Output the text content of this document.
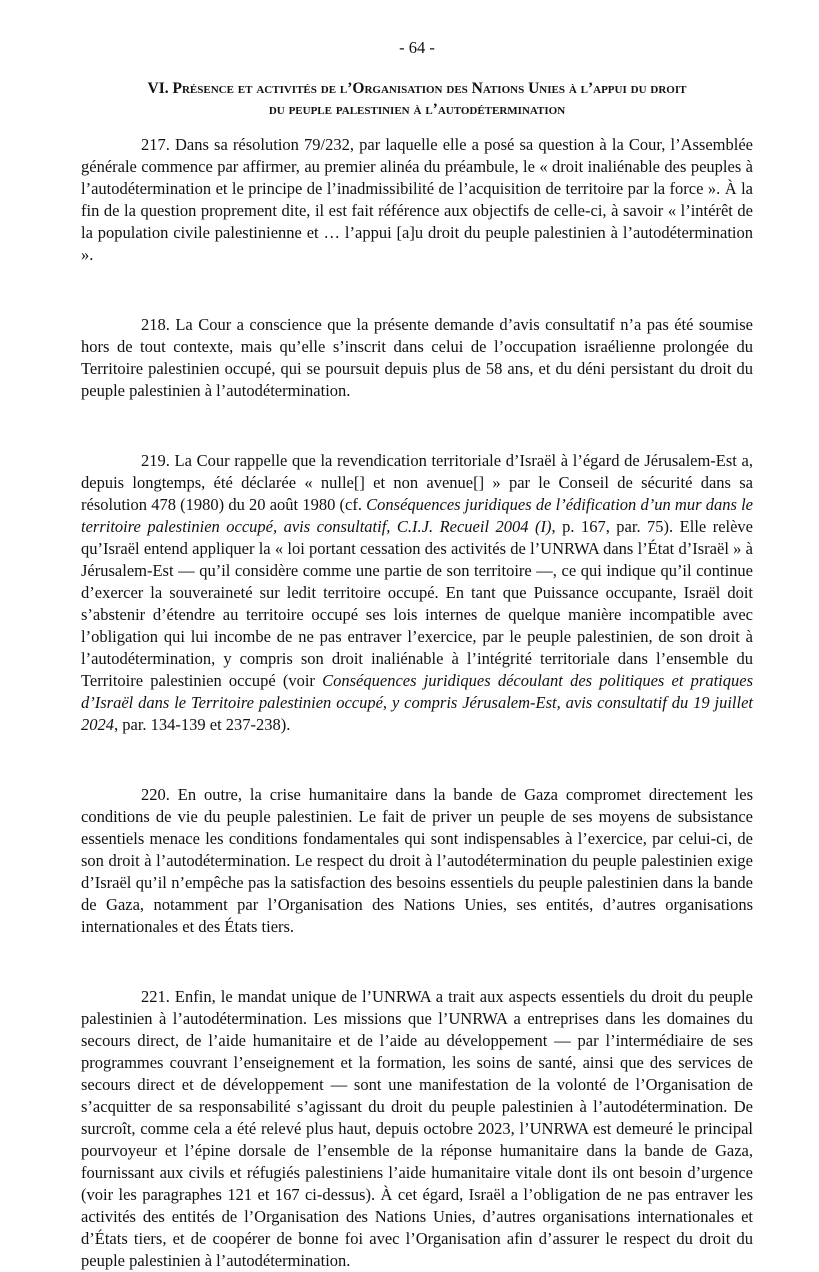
- 64 -
VI. Présence et activités de l’Organisation des Nations Unies à l’appui du droit
du peuple palestinien à l’autodétermination

217. Dans sa résolution 79/232, par laquelle elle a posé sa question à la Cour, l’Assemblée générale commence par affirmer, au premier alinéa du préambule, le « droit inaliénable des peuples à l’autodétermination et le principe de l’inadmissibilité de l’acquisition de territoire par la force ». À la fin de la question proprement dite, il est fait référence aux objectifs de celle-ci, à savoir « l’intérêt de la population civile palestinienne et … l’appui [a]u droit du peuple palestinien à l’autodétermination ».

218. La Cour a conscience que la présente demande d’avis consultatif n’a pas été soumise hors de tout contexte, mais qu’elle s’inscrit dans celui de l’occupation israélienne prolongée du Territoire palestinien occupé, qui se poursuit depuis plus de 58 ans, et du déni persistant du droit du peuple palestinien à l’autodétermination.

219. La Cour rappelle que la revendication territoriale d’Israël à l’égard de Jérusalem-Est a, depuis longtemps, été déclarée « nulle[] et non avenue[] » par le Conseil de sécurité dans sa résolution 478 (1980) du 20 août 1980 (cf. Conséquences juridiques de l’édification d’un mur dans le territoire palestinien occupé, avis consultatif, C.I.J. Recueil 2004 (I), p. 167, par. 75). Elle relève qu’Israël entend appliquer la « loi portant cessation des activités de l’UNRWA dans l’État d’Israël » à Jérusalem-Est — qu’il considère comme une partie de son territoire —, ce qui indique qu’il continue d’exercer la souveraineté sur ledit territoire occupé. En tant que Puissance occupante, Israël doit s’abstenir d’étendre au territoire occupé ses lois internes de quelque manière incompatible avec l’obligation qui lui incombe de ne pas entraver l’exercice, par le peuple palestinien, de son droit à l’autodétermination, y compris son droit inaliénable à l’intégrité territoriale dans l’ensemble du Territoire palestinien occupé (voir Conséquences juridiques découlant des politiques et pratiques d’Israël dans le Territoire palestinien occupé, y compris Jérusalem-Est, avis consultatif du 19 juillet 2024, par. 134-139 et 237-238).

220. En outre, la crise humanitaire dans la bande de Gaza compromet directement les conditions de vie du peuple palestinien. Le fait de priver un peuple de ses moyens de subsistance essentiels menace les conditions fondamentales qui sont indispensables à l’exercice, par celui-ci, de son droit à l’autodétermination. Le respect du droit à l’autodétermination du peuple palestinien exige d’Israël qu’il n’empêche pas la satisfaction des besoins essentiels du peuple palestinien dans la bande de Gaza, notamment par l’Organisation des Nations Unies, ses entités, d’autres organisations internationales et des États tiers.

221. Enfin, le mandat unique de l’UNRWA a trait aux aspects essentiels du droit du peuple palestinien à l’autodétermination. Les missions que l’UNRWA a entreprises dans les domaines du secours direct, de l’aide humanitaire et de l’aide au développement — par l’intermédiaire de ses programmes couvrant l’enseignement et la formation, les soins de santé, ainsi que des services de secours direct et de développement — sont une manifestation de la volonté de l’Organisation de s’acquitter de sa responsabilité s’agissant du droit du peuple palestinien à l’autodétermination. De surcroît, comme cela a été relevé plus haut, depuis octobre 2023, l’UNRWA est demeuré le principal pourvoyeur et l’épine dorsale de l’ensemble de la réponse humanitaire dans la bande de Gaza, fournissant aux civils et réfugiés palestiniens l’aide humanitaire vitale dont ils ont besoin d’urgence (voir les paragraphes 121 et 167 ci-dessus). À cet égard, Israël a l’obligation de ne pas entraver les activités des entités de l’Organisation des Nations Unies, d’autres organisations internationales et d’États tiers, et de coopérer de bonne foi avec l’Organisation afin d’assurer le respect du droit du peuple palestinien à l’autodétermination.
